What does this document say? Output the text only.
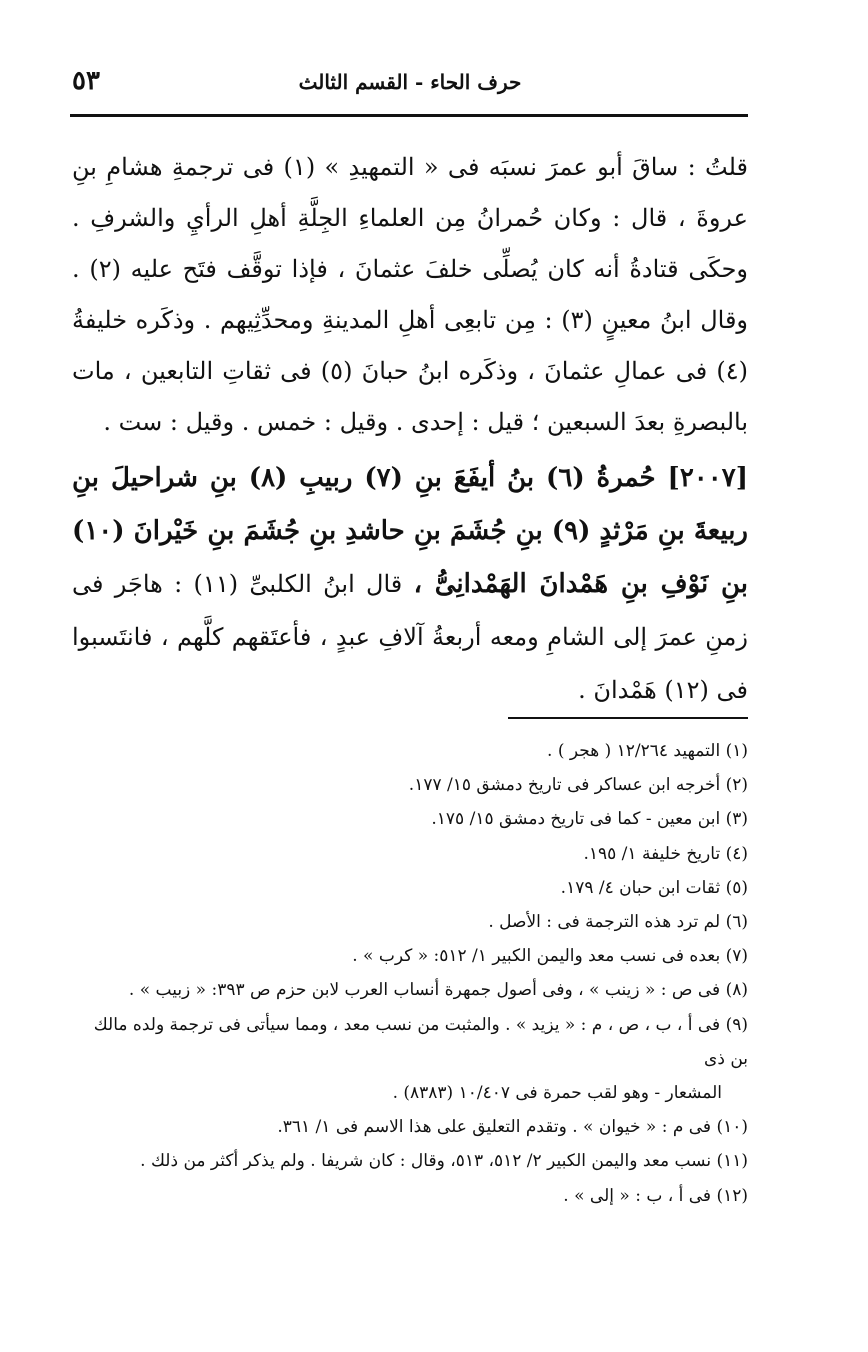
٥٣	حرف الحاء - القسم الثالث

قلتُ : ساقَ أبو عمرَ نسبَه فى « التمهيدِ » (١) فى ترجمةِ هشامِ بنِ عروةَ ، قال : وكان حُمرانُ مِن العلماءِ الجِلَّةِ أهلِ الرأيِ والشرفِ . وحكَى قتادةُ أنه كان يُصلِّى خلفَ عثمانَ ، فإذا توقَّف فتَح عليه (٢) . وقال ابنُ معينٍ (٣) : مِن تابعِى أهلِ المدينةِ ومحدِّثِيهم . وذكَره خليفةُ (٤) فى عمالِ عثمانَ ، وذكَره ابنُ حبانَ (٥) فى ثقاتِ التابعين ، مات بالبصرةِ بعدَ السبعين ؛ قيل : إحدى . وقيل : خمس . وقيل : ست .

[٢٠٠٧] حُمرةُ (٦) بنُ أيفَعَ بنِ (٧) ربيبِ (٨) بنِ شراحيلَ بنِ ربيعةَ بنِ مَرْثدٍ (٩) بنِ جُشَمَ بنِ حاشدِ بنِ جُشَمَ بنِ خَيْرانَ (١٠) بنِ نَوْفِ بنِ هَمْدانَ الهَمْدانِىُّ ، قال ابنُ الكلبىِّ (١١) : هاجَر فى زمنِ عمرَ إلى الشامِ ومعه أربعةُ آلافِ عبدٍ ، فأعتَقهم كلَّهم ، فانتَسبوا فى (١٢) هَمْدانَ .

(١) التمهيد ١٢/٢٦٤ ( هجر ) .

(٢) أخرجه ابن عساكر فى تاريخ دمشق ١٥/ ١٧٧.

(٣) ابن معين - كما فى تاريخ دمشق ١٥/ ١٧٥.

(٤) تاريخ خليفة ١/ ١٩٥.

(٥) ثقات ابن حبان ٤/ ١٧٩.

(٦) لم ترد هذه الترجمة فى : الأصل .

(٧) بعده فى نسب معد واليمن الكبير ١/ ٥١٢: « كرب » .

(٨) فى ص : « زينب » ، وفى أصول جمهرة أنساب العرب لابن حزم ص ٣٩٣: « زبيب » .

(٩) فى أ ، ب ، ص ، م : « يزيد » . والمثبت من نسب معد ، ومما سيأتى فى ترجمة ولده مالك بن ذى

المشعار - وهو لقب حمرة فى ١٠/٤٠٧ (٨٣٨٣) .

(١٠) فى م : « خيوان » . وتقدم التعليق على هذا الاسم فى ١/ ٣٦١.

(١١) نسب معد واليمن الكبير ٢/ ٥١٢، ٥١٣، وقال : كان شريفا . ولم يذكر أكثر من ذلك .

(١٢) فى أ ، ب : « إلى » .
